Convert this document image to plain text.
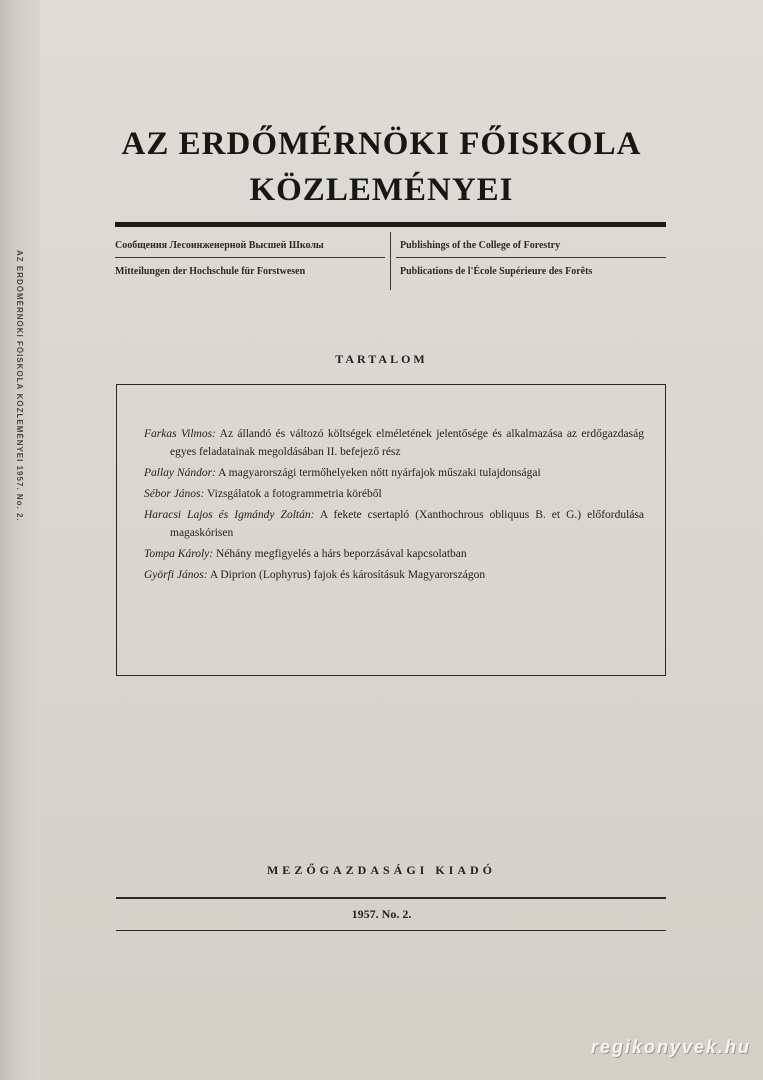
AZ ERDŐMÉRNÖKI FŐISKOLA KÖZLEMÉNYEI 1957. No. 2.
AZ ERDŐMÉRNÖKI FŐISKOLA
KÖZLEMÉNYEI
Сообщения Лесоинженерной Высшей Школы
Mitteilungen der Hochschule für Forstwesen
Publishings of the College of Forestry
Publications de l'École Supérieure des Forêts
TARTALOM

Farkas Vilmos: Az állandó és változó költségek elméletének jelentősége és alkalmazása az erdőgazdaság egyes feladatainak megoldásában II. befejező rész

Pallay Nándor: A magyarországi termőhelyeken nőtt nyárfajok műszaki tulajdonságai

Sébor János: Vizsgálatok a fotogrammetria köréből

Haracsi Lajos és Igmándy Zoltán: A fekete csertapló (Xanthochrous obliquus B. et G.) előfordulása magaskórisen

Tompa Károly: Néhány megfigyelés a hárs beporzásával kapcsolatban

Györfi János: A Diprion (Lophyrus) fajok és károsításuk Magyarországon

MEZŐGAZDASÁGI KIADÓ
1957. No. 2.
regikonyvek.hu
